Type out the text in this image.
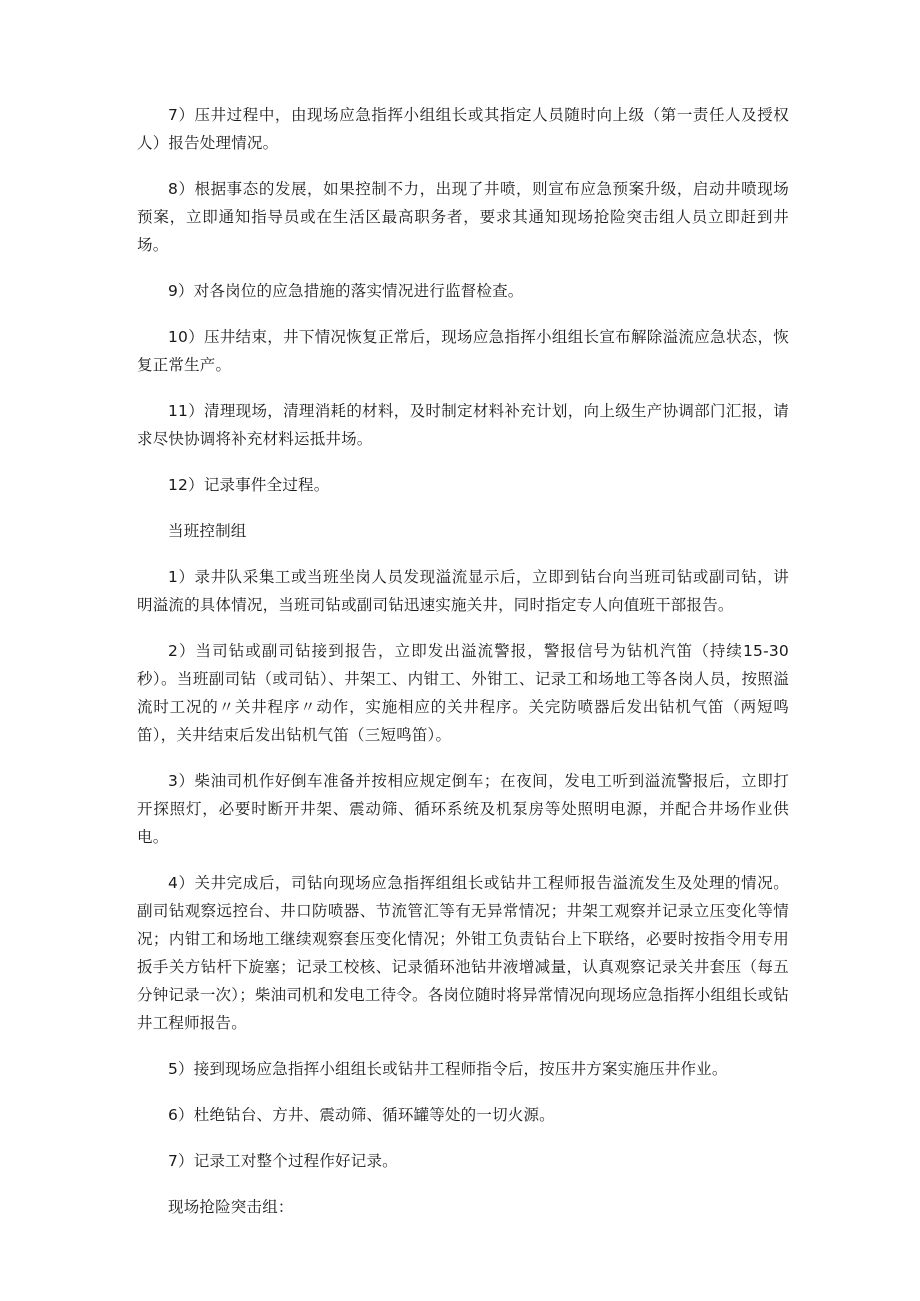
7）压井过程中，由现场应急指挥小组组长或其指定人员随时向上级（第一责任人及授权人）报告处理情况。

8）根据事态的发展，如果控制不力，出现了井喷，则宣布应急预案升级，启动井喷现场预案，立即通知指导员或在生活区最高职务者，要求其通知现场抢险突击组人员立即赶到井场。

9）对各岗位的应急措施的落实情况进行监督检查。

10）压井结束，井下情况恢复正常后，现场应急指挥小组组长宣布解除溢流应急状态，恢复正常生产。

11）清理现场，清理消耗的材料，及时制定材料补充计划，向上级生产协调部门汇报，请求尽快协调将补充材料运抵井场。

12）记录事件全过程。

当班控制组

1）录井队采集工或当班坐岗人员发现溢流显示后，立即到钻台向当班司钻或副司钻，讲明溢流的具体情况，当班司钻或副司钻迅速实施关井，同时指定专人向值班干部报告。

2）当司钻或副司钻接到报告，立即发出溢流警报，警报信号为钻机汽笛（持续15-30秒）。当班副司钻（或司钻）、井架工、内钳工、外钳工、记录工和场地工等各岗人员，按照溢流时工况的〃关井程序〃动作，实施相应的关井程序。关完防喷器后发出钻机气笛（两短鸣笛），关井结束后发出钻机气笛（三短鸣笛）。

3）柴油司机作好倒车准备并按相应规定倒车；在夜间，发电工听到溢流警报后，立即打开探照灯，必要时断开井架、震动筛、循环系统及机泵房等处照明电源，并配合井场作业供电。

4）关井完成后，司钻向现场应急指挥组组长或钻井工程师报告溢流发生及处理的情况。副司钻观察远控台、井口防喷器、节流管汇等有无异常情况；井架工观察并记录立压变化等情况；内钳工和场地工继续观察套压变化情况；外钳工负责钻台上下联络，必要时按指令用专用扳手关方钻杆下旋塞；记录工校核、记录循环池钻井液增减量，认真观察记录关井套压（每五分钟记录一次）；柴油司机和发电工待令。各岗位随时将异常情况向现场应急指挥小组组长或钻井工程师报告。

5）接到现场应急指挥小组组长或钻井工程师指令后，按压井方案实施压井作业。

6）杜绝钻台、方井、震动筛、循环罐等处的一切火源。

7）记录工对整个过程作好记录。

现场抢险突击组：
